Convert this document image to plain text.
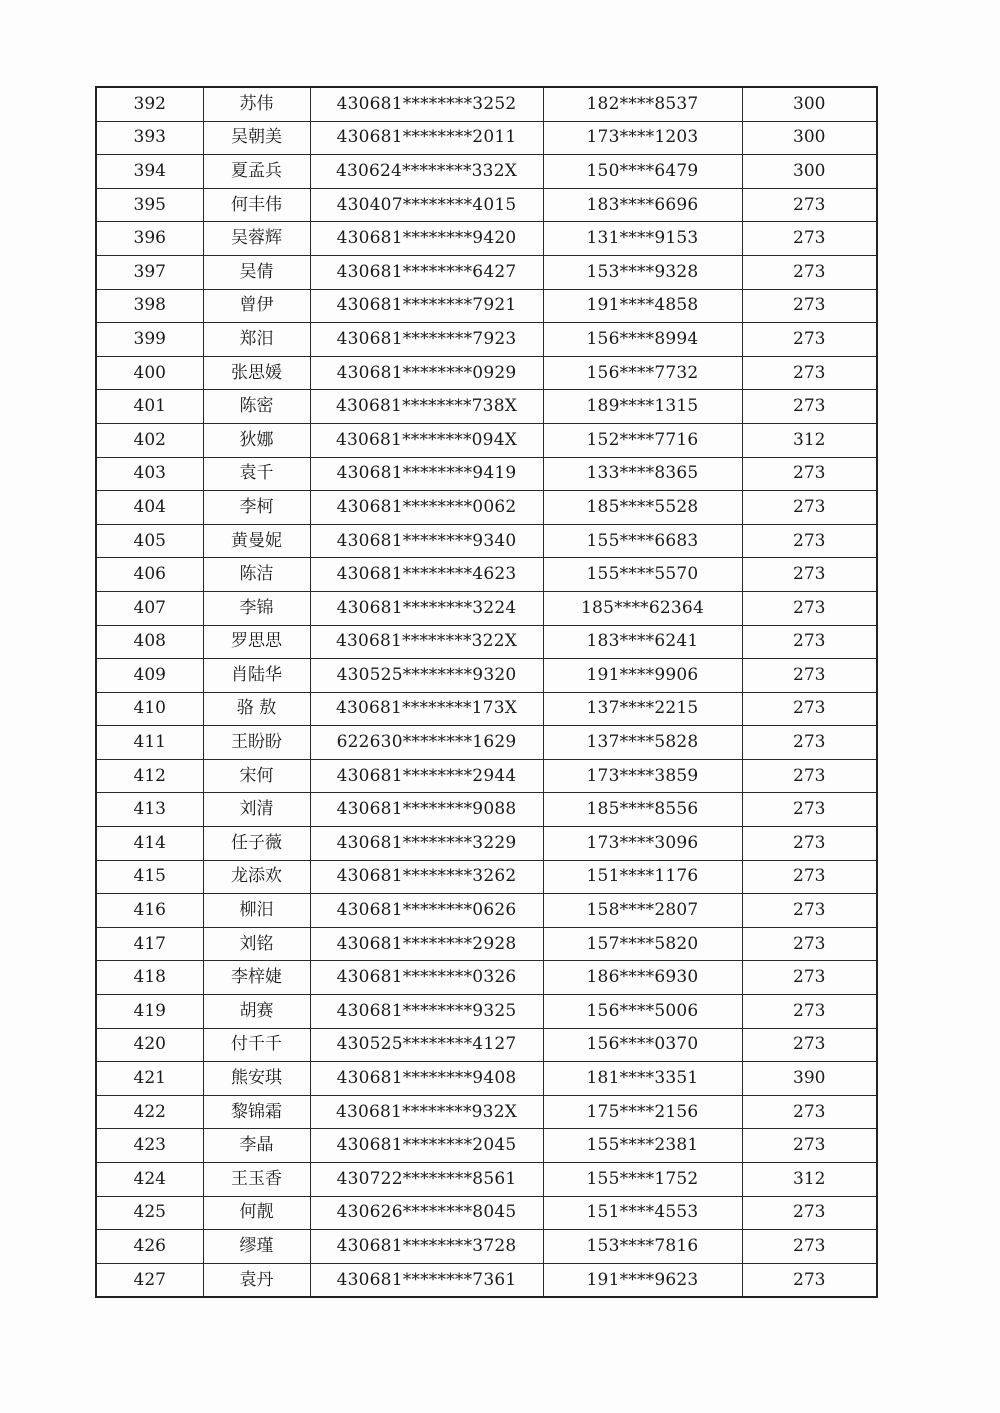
392	苏伟	430681********3252	182****8537	300
393	吴朝美	430681********2011	173****1203	300
394	夏孟兵	430624********332X	150****6479	300
395	何丰伟	430407********4015	183****6696	273
396	吴蓉辉	430681********9420	131****9153	273
397	吴倩	430681********6427	153****9328	273
398	曾伊	430681********7921	191****4858	273
399	郑汨	430681********7923	156****8994	273
400	张思媛	430681********0929	156****7732	273
401	陈密	430681********738X	189****1315	273
402	狄娜	430681********094X	152****7716	312
403	袁千	430681********9419	133****8365	273
404	李柯	430681********0062	185****5528	273
405	黄曼妮	430681********9340	155****6683	273
406	陈洁	430681********4623	155****5570	273
407	李锦	430681********3224	185****62364	273
408	罗思思	430681********322X	183****6241	273
409	肖陆华	430525********9320	191****9906	273
410	骆 敖	430681********173X	137****2215	273
411	王盼盼	622630********1629	137****5828	273
412	宋何	430681********2944	173****3859	273
413	刘清	430681********9088	185****8556	273
414	任子薇	430681********3229	173****3096	273
415	龙添欢	430681********3262	151****1176	273
416	柳汨	430681********0626	158****2807	273
417	刘铭	430681********2928	157****5820	273
418	李梓婕	430681********0326	186****6930	273
419	胡赛	430681********9325	156****5006	273
420	付千千	430525********4127	156****0370	273
421	熊安琪	430681********9408	181****3351	390
422	黎锦霜	430681********932X	175****2156	273
423	李晶	430681********2045	155****2381	273
424	王玉香	430722********8561	155****1752	312
425	何靓	430626********8045	151****4553	273
426	缪瑾	430681********3728	153****7816	273
427	袁丹	430681********7361	191****9623	273
